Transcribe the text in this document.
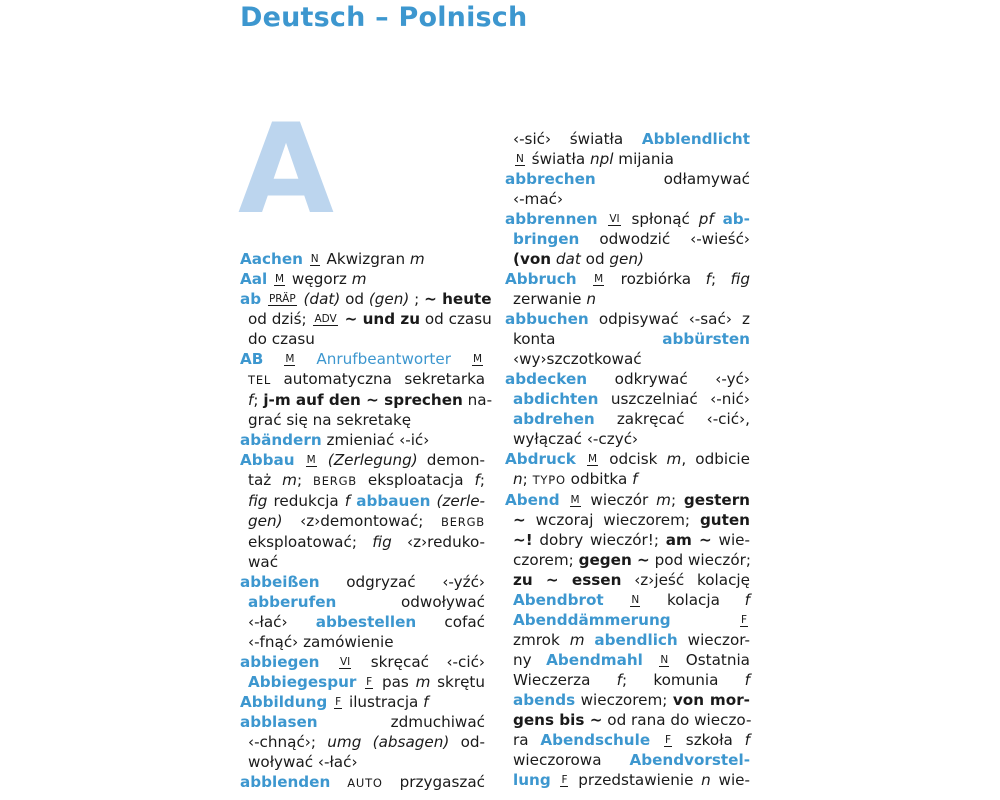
Deutsch – Polnisch
A
Aachen N Akwizgran m
Aal M węgorz m
ab PRÄP (dat) od (gen) ; ~ heute
od dziś; ADV ~ und zu od czasu
do czasu
AB M Anrufbeantworter M
TEL automatyczna sekretarka
f; j-m auf den ~ sprechen na-
grać się na sekretakę
abändern zmieniać ‹-ić›
Abbau M (Zerlegung) demon-
taż m; BERGB eksploatacja f;
fig redukcja f abbauen (zerle-
gen) ‹z›demontować; BERGB
eksploatować; fig ‹z›reduko-
wać
abbeißen odgryzać ‹-yźć›
abberufen odwoływać
‹-łać› abbestellen cofać
‹-fnąć› zamówienie
abbiegen VI skręcać ‹-cić›
Abbiegespur F pas m skrętu
Abbildung F ilustracja f
abblasen zdmuchiwać
‹-chnąć›; umg (absagen) od-
woływać ‹-łać›
abblenden AUTO przygaszać
‹-sić› światła Abblendlicht
N światła npl mijania
abbrechen odłamywać
‹-mać›
abbrennen VI spłonąć pf ab-
bringen odwodzić ‹-wieść›
(von dat od gen)
Abbruch M rozbiórka f; fig
zerwanie n
abbuchen odpisywać ‹-sać› z
konta abbürsten
‹wy›szczotkować
abdecken odkrywać ‹-yć›
abdichten uszczelniać ‹-nić›
abdrehen zakręcać ‹-cić›,
wyłączać ‹-czyć›
Abdruck M odcisk m, odbicie
n; TYPO odbitka f
Abend M wieczór m; gestern
~ wczoraj wieczorem; guten
~! dobry wieczór!; am ~ wie-
czorem; gegen ~ pod wieczór;
zu ~ essen ‹z›jeść kolację
Abendbrot	N kolacja f
Abenddämmerung	F
zmrok m abendlich wieczor-
ny Abendmahl N Ostatnia
Wieczerza f; komunia f
abends wieczorem; von mor-
gens bis ~ od rana do wieczo-
ra Abendschule F szkoła f
wieczorowa Abendvorstel-
lung F przedstawienie n wie-
